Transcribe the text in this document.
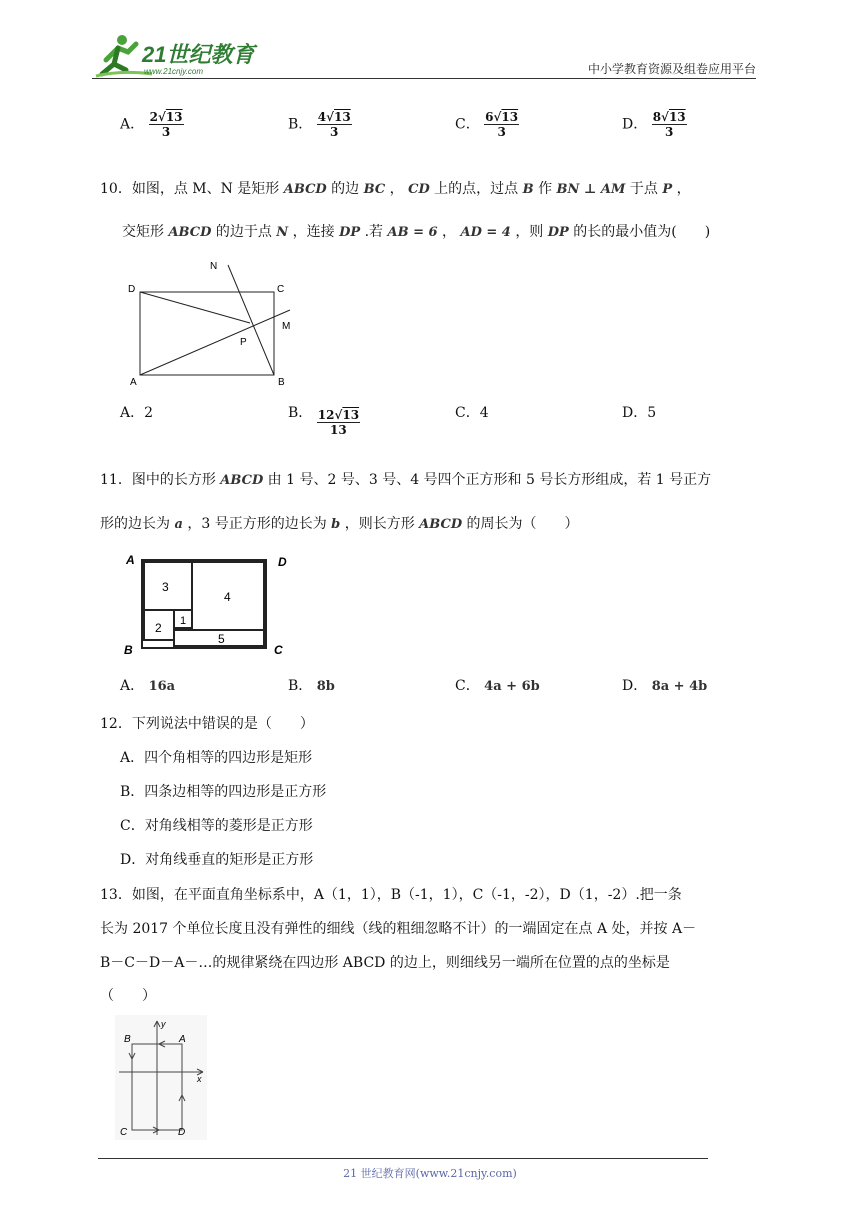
21世纪教育
www.21cnjy.com	中小学教育资源及组卷应用平台
A． $\frac{2√13}{3}$	B． $\frac{4√13}{3}$	C． $\frac{6√13}{3}$	D． $\frac{8√13}{3}$
10．如图，点 M、N 是矩形 ABCD 的边 BC ， CD 上的点，过点 B 作 BN ⊥ AM 于点 P ，
交矩形 ABCD 的边于点 N ，连接 DP .若 AB = 6 ， AD = 4 ，则 DP 的长的最小值为(　　)
N
D	C
M
P
A	B
A．2	B． $\frac{12√13}{13}$	C．4	D．5
11．图中的长方形 ABCD 由 1 号、2 号、3 号、4 号四个正方形和 5 号长方形组成，若 1 号正方
形的边长为 a ，3 号正方形的边长为 b ，则长方形 ABCD 的周长为（　　）
A	D
B	C
3
4
2 1
5
A． 16a	B． 8b	C． 4a + 6b	D． 8a + 4b
12．下列说法中错误的是（　　）
A．四个角相等的四边形是矩形
B．四条边相等的四边形是正方形
C．对角线相等的菱形是正方形
D．对角线垂直的矩形是正方形
13．如图，在平面直角坐标系中，A（1，1），B（-1，1），C（-1，-2），D（1，-2）.把一条
长为 2017 个单位长度且没有弹性的细线（线的粗细忽略不计）的一端固定在点 A 处，并按 A－
B－C－D－A－…的规律紧绕在四边形 ABCD 的边上，则细线另一端所在位置的点的坐标是
（　　）
y
x
B	A
C	D
21 世纪教育网(www.21cnjy.com)
